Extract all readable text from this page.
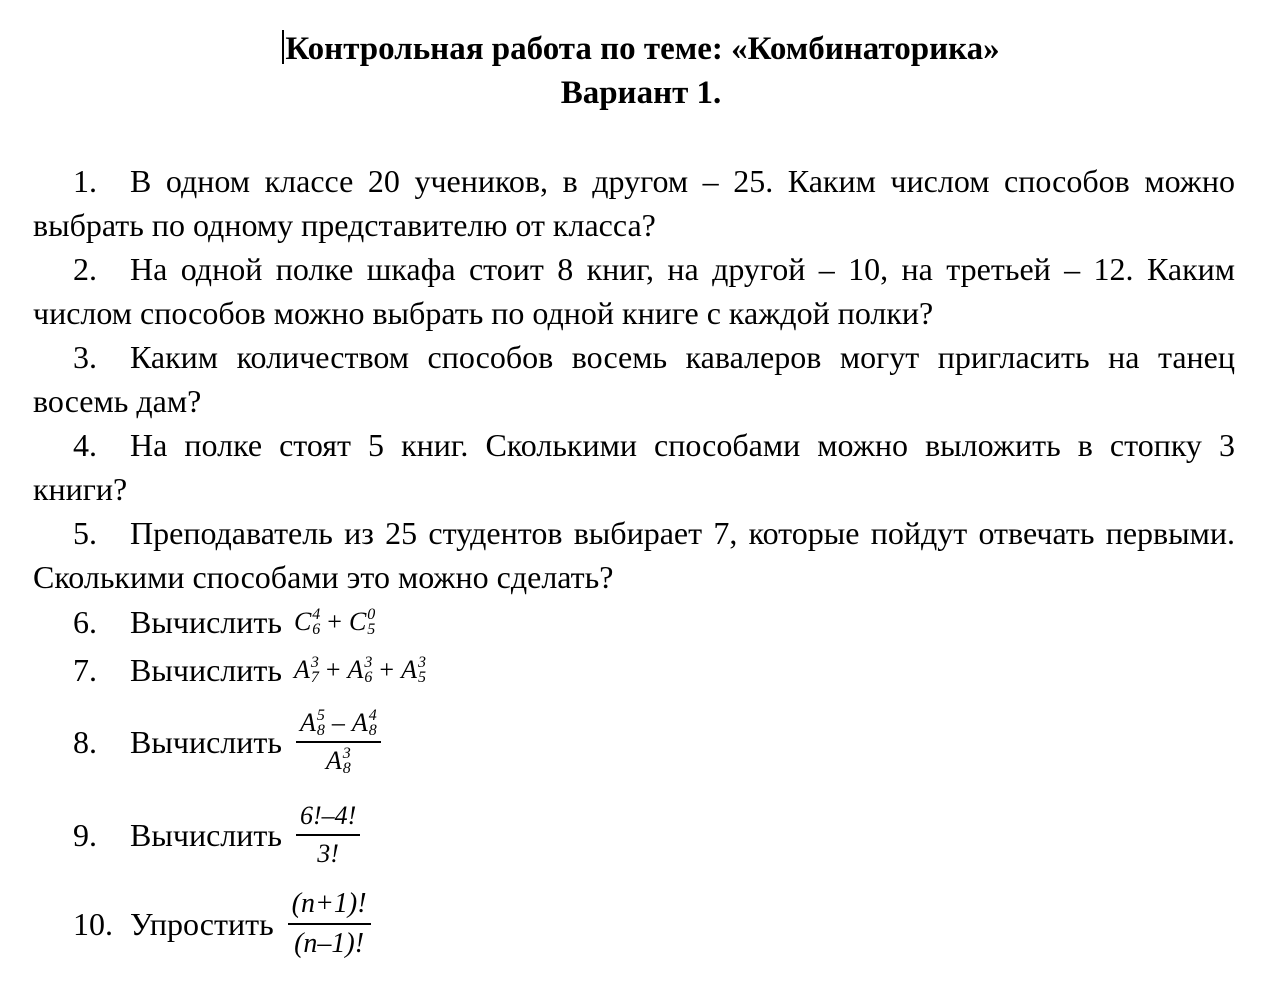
Контрольная работа по теме: «Комбинаторика»
Вариант 1.
1. В одном классе 20 учеников, в другом – 25. Каким числом способов можно выбрать по одному представителю от класса?
2. На одной полке шкафа стоит 8 книг, на другой – 10, на третьей – 12. Каким числом способов можно выбрать по одной книге с каждой полки?
3. Каким количеством способов восемь кавалеров могут пригласить на танец восемь дам?
4. На полке стоят 5 книг. Сколькими способами можно выложить в стопку 3 книги?
5. Преподаватель из 25 студентов выбирает 7, которые пойдут отвечать первыми. Сколькими способами это можно сделать?
6.	Вычислить C 4
6 + C 0
5
7.	Вычислить A 3
7 + A 3
6 + A 3
5
8.	Вычислить A 5
8 – A 4
8
A 3
8
9.	Вычислить $\frac{6!-4!}{3!}$
10. Упростить $\frac{(n+1)!}{(n-1)!}$
